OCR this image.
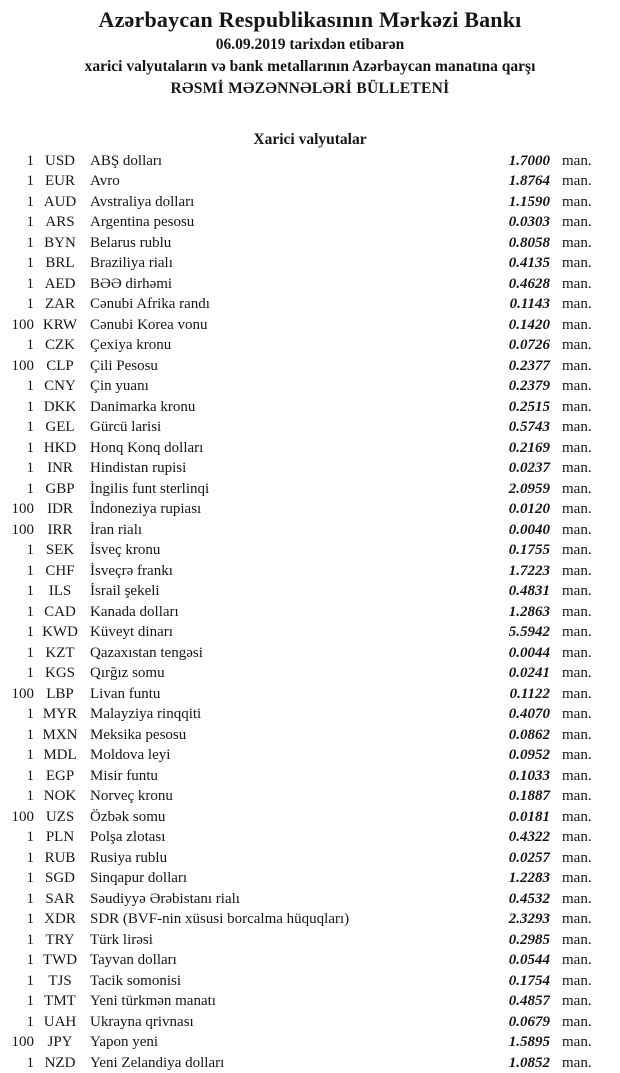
Azərbaycan Respublikasının Mərkəzi Bankı
06.09.2019 tarixdən etibarən
xarici valyutaların və bank metallarının Azərbaycan manatına qarşı
RƏSMİ MƏZƏNNƏLƏRİ BÜLLETENİ
Xarici valyutalar
1 USD	ABŞ dolları	1.7000 man.
1 EUR	Avro	1.8764 man.
1 AUD Avstraliya dolları	1.1590 man.
1 ARS	Argentina pesosu	0.0303 man.
1 BYN Belarus rublu	0.8058 man.
1 BRL	Braziliya rialı	0.4135 man.
1 AED BƏƏ dirhəmi	0.4628 man.
1 ZAR	Cənubi Afrika randı	0.1143 man.
100 KRW Cənubi Korea vonu	0.1420 man.
1 CZK	Çexiya kronu	0.0726 man.
100 CLP	Çili Pesosu	0.2377 man.
1 CNY Çin yuanı	0.2379 man.
1 DKK Danimarka kronu	0.2515 man.
1 GEL	Gürcü larisi	0.5743 man.
1 HKD Honq Konq dolları	0.2169 man.
1 INR	Hindistan rupisi	0.0237 man.
1 GBP	İngilis funt sterlinqi	2.0959 man.
100 IDR	İndoneziya rupiası	0.0120 man.
100 IRR	İran rialı	0.0040 man.
1 SEK	İsveç kronu	0.1755 man.
1 CHF	İsveçrə frankı	1.7223 man.
1 ILS	İsrail şekeli	0.4831 man.
1 CAD Kanada dolları	1.2863 man.
1 KWD Küveyt dinarı	5.5942 man.
1 KZT	Qazaxıstan tengəsi	0.0044 man.
1 KGS	Qırğız somu	0.0241 man.
100 LBP	Livan funtu	0.1122 man.
1 MYR Malayziya rinqqiti	0.4070 man.
1 MXN Meksika pesosu	0.0862 man.
1 MDL Moldova leyi	0.0952 man.
1 EGP	Misir funtu	0.1033 man.
1 NOK Norveç kronu	0.1887 man.
100 UZS	Özbək somu	0.0181 man.
1 PLN	Polşa zlotası	0.4322 man.
1 RUB Rusiya rublu	0.0257 man.
1 SGD	Sinqapur dolları	1.2283 man.
1 SAR	Səudiyyə Ərəbistanı rialı	0.4532 man.
1 XDR SDR (BVF-nin xüsusi borcalma hüquqları)	2.3293 man.
1 TRY	Türk lirəsi	0.2985 man.
1 TWD Tayvan dolları	0.0544 man.
1 TJS	Tacik somonisi	0.1754 man.
1 TMT Yeni türkmən manatı	0.4857 man.
1 UAH Ukrayna qrivnası	0.0679 man.
100 JPY	Yapon yeni	1.5895 man.
1 NZD Yeni Zelandiya dolları	1.0852 man.
